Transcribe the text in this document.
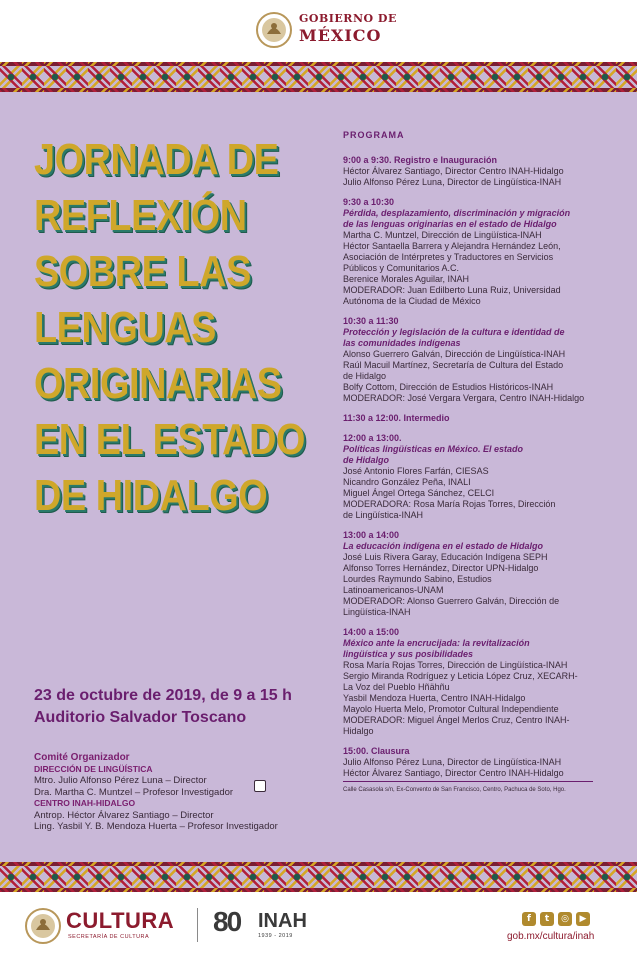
GOBIERNO DE
MÉXICO
JORNADA DE
REFLEXIÓN
SOBRE LAS
LENGUAS
ORIGINARIAS
EN EL ESTADO
DE HIDALGO
23 de octubre de 2019, de 9 a 15 h
Auditorio Salvador Toscano
Comité Organizador
DIRECCIÓN DE LINGÜÍSTICA
Mtro. Julio Alfonso Pérez Luna – Director
Dra. Martha C. Muntzel – Profesor Investigador
CENTRO INAH-HIDALGO
Antrop. Héctor Álvarez Santiago – Director
Ling. Yasbil Y. B. Mendoza Huerta – Profesor Investigador
PROGRAMA
9:00 a 9:30. Registro e Inauguración
Héctor Álvarez Santiago, Director Centro INAH-Hidalgo
Julio Alfonso Pérez Luna, Director de Lingüística-INAH
9:30 a 10:30
Pérdida, desplazamiento, discriminación y migración
de las lenguas originarias en el estado de Hidalgo
Martha C. Muntzel, Dirección de Lingüística-INAH
Héctor Santaella Barrera y Alejandra Hernández León,
Asociación de Intérpretes y Traductores en Servicios
Públicos y Comunitarios A.C.
Berenice Morales Aguilar, INAH
MODERADOR: Juan Edilberto Luna Ruiz, Universidad
Autónoma de la Ciudad de México
10:30 a 11:30
Protección y legislación de la cultura e identidad de
las comunidades indígenas
Alonso Guerrero Galván, Dirección de Lingüística-INAH
Raúl Macuil Martínez, Secretaría de Cultura del Estado
de Hidalgo
Bolfy Cottom, Dirección de Estudios Históricos-INAH
MODERADOR: José Vergara Vergara, Centro INAH-Hidalgo
11:30 a 12:00. Intermedio
12:00 a 13:00.
Políticas lingüísticas en México. El estado
de Hidalgo
José Antonio Flores Farfán, CIESAS
Nicandro González Peña, INALI
Miguel Ángel Ortega Sánchez, CELCI
MODERADORA: Rosa María Rojas Torres, Dirección
de Lingüística-INAH
13:00 a 14:00
La educación indígena en el estado de Hidalgo
José Luis Rivera Garay, Educación Indígena SEPH
Alfonso Torres Hernández, Director UPN-Hidalgo
Lourdes Raymundo Sabino, Estudios
Latinoamericanos-UNAM
MODERADOR: Alonso Guerrero Galván, Dirección de
Lingüística-INAH
14:00 a 15:00
México ante la encrucijada: la revitalización
lingüística y sus posibilidades
Rosa María Rojas Torres, Dirección de Lingüística-INAH
Sergio Miranda Rodríguez y Leticia López Cruz, XECARH-
La Voz del Pueblo Hñähñu
Yasbil Mendoza Huerta, Centro INAH-Hidalgo
Mayolo Huerta Melo, Promotor Cultural Independiente
MODERADOR: Miguel Ángel Merlos Cruz, Centro INAH-
Hidalgo
15:00. Clausura
Julio Alfonso Pérez Luna, Director de Lingüística-INAH
Héctor Álvarez Santiago, Director Centro INAH-Hidalgo
Calle Casasola s/n, Ex-Convento de San Francisco, Centro, Pachuca de Soto, Hgo.
CULTURA
SECRETARÍA DE CULTURA 80 INAH
1939 - 2019
f	t	◎	▶
gob.mx/cultura/inah
